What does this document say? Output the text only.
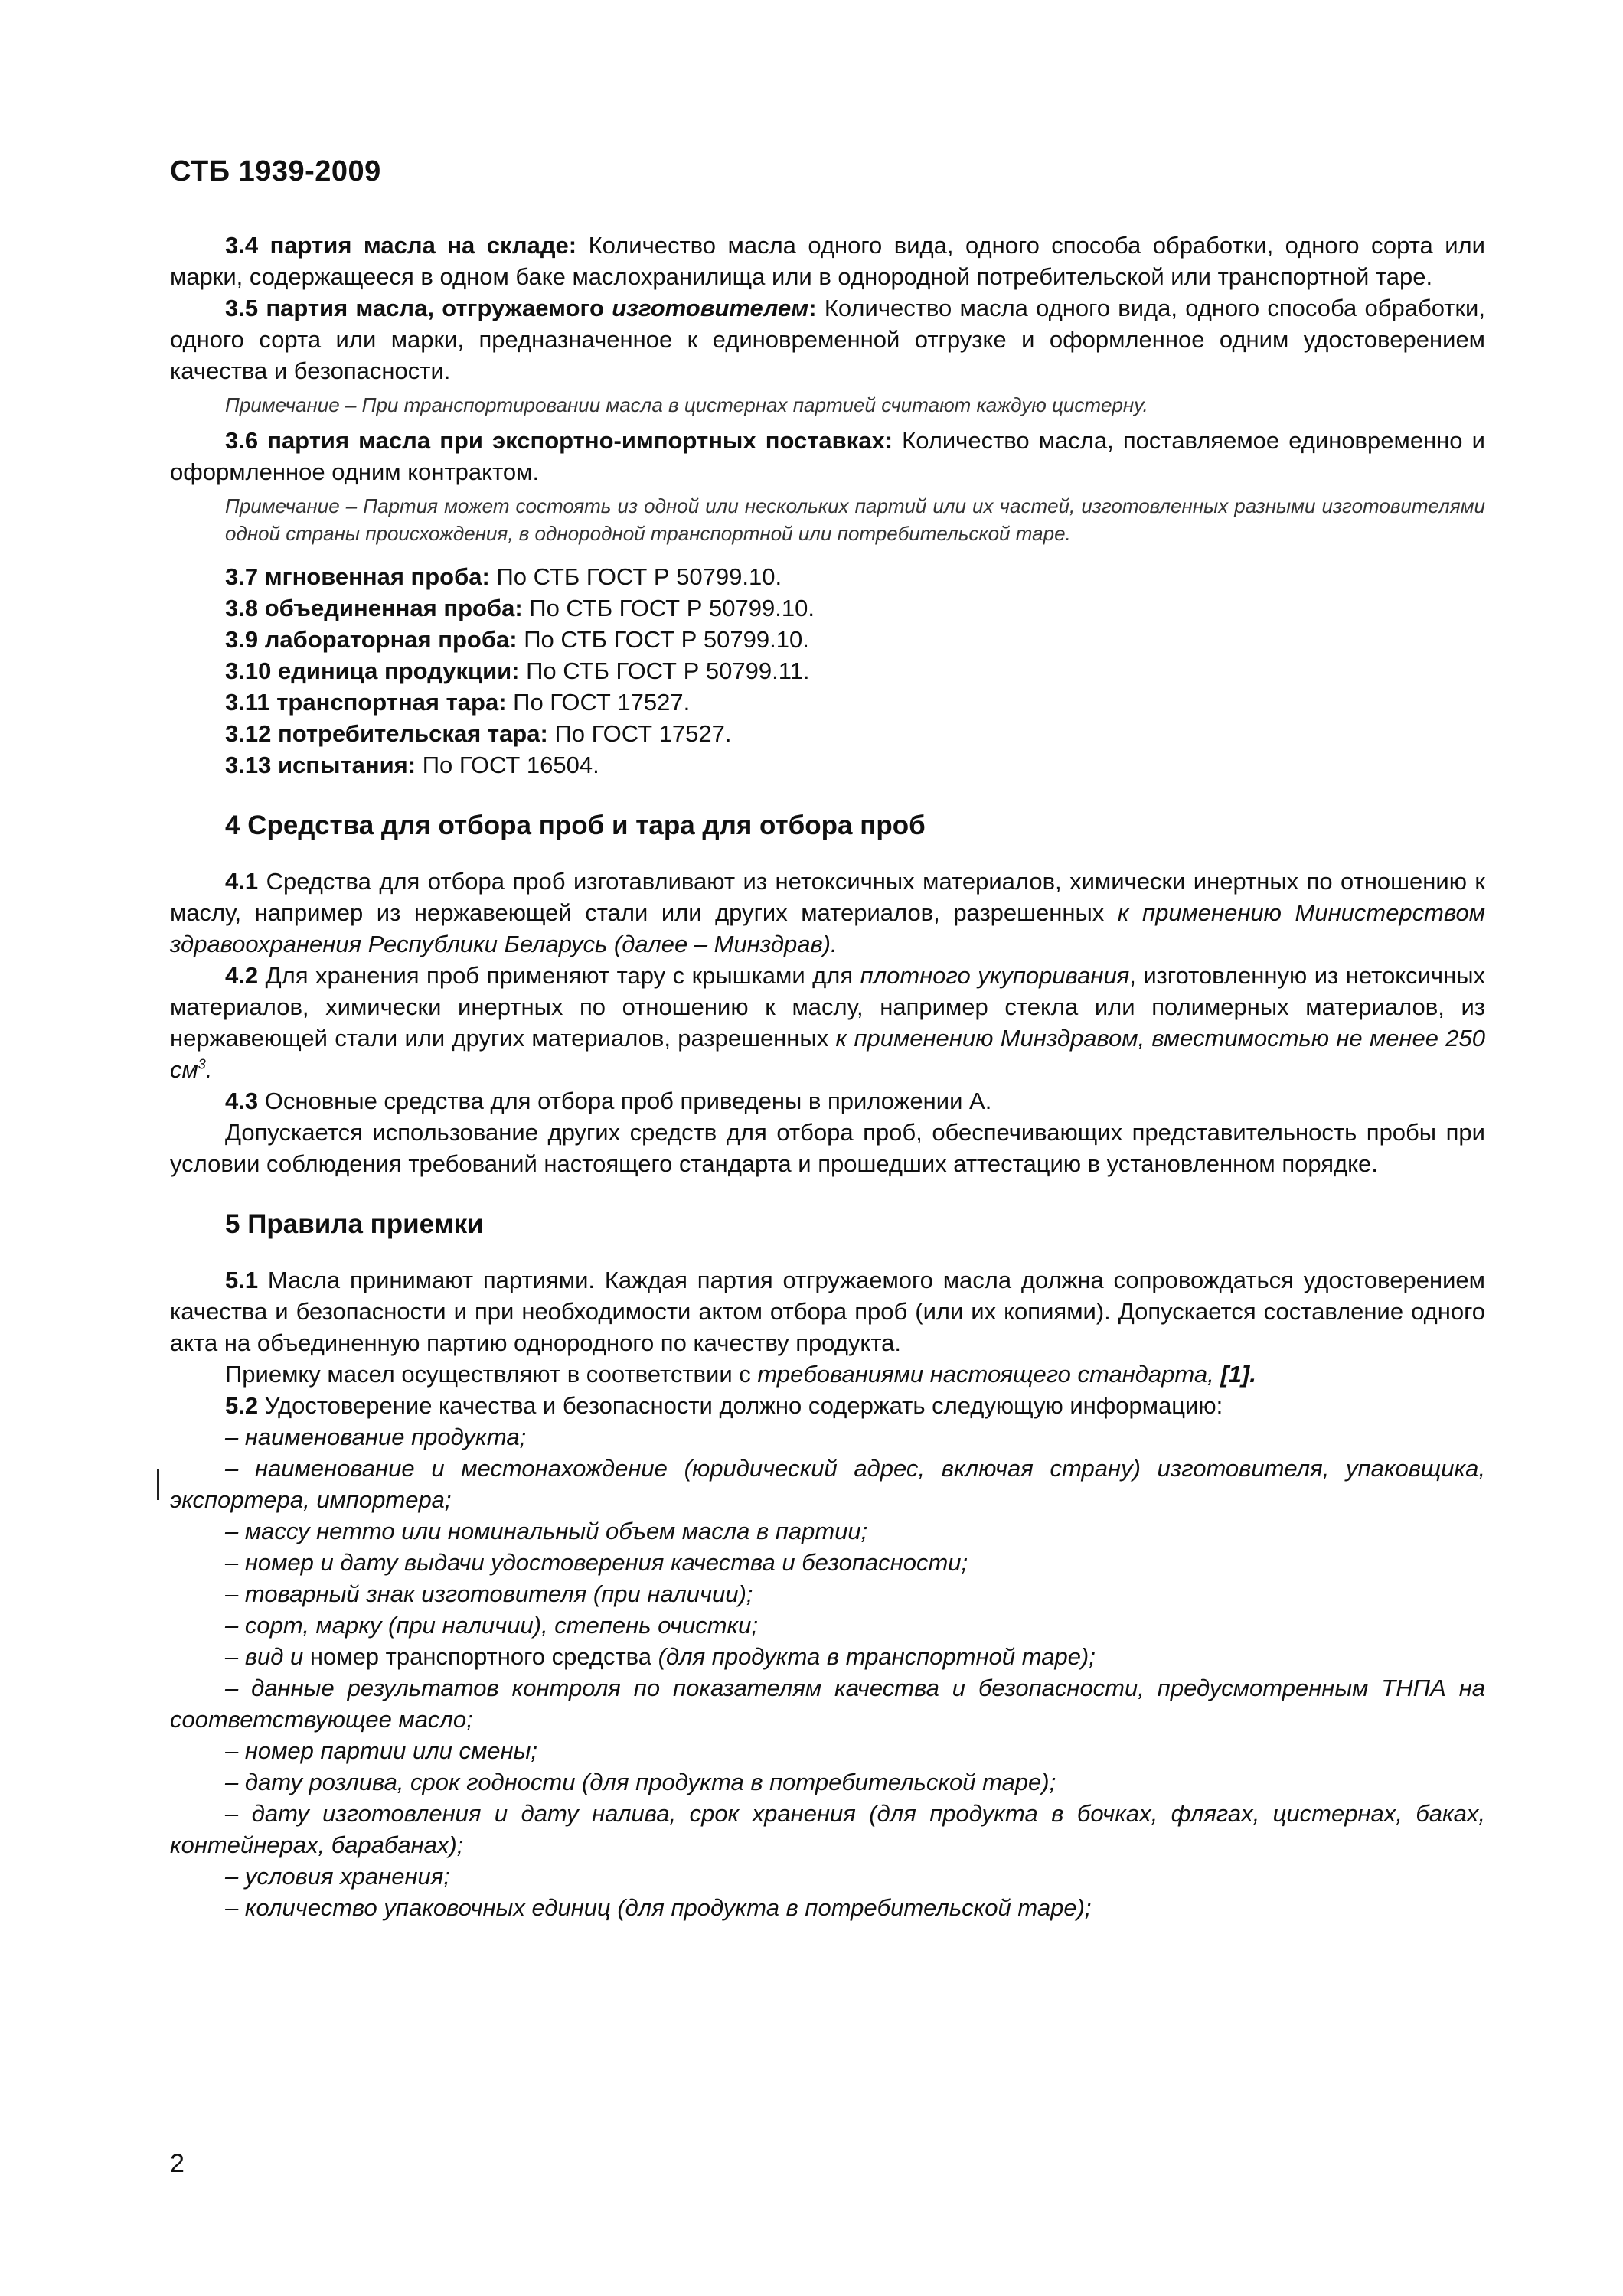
СТБ 1939-2009

3.4 партия масла на складе: Количество масла одного вида, одного способа обработки, одного сорта или марки, содержащееся в одном баке маслохранилища или в однородной потребительской или транспортной таре.

3.5 партия масла, отгружаемого изготовителем: Количество масла одного вида, одного способа обработки, одного сорта или марки, предназначенное к единовременной отгрузке и оформленное одним удостоверением качества и безопасности.

Примечание – При транспортировании масла в цистернах партией считают каждую цистерну.

3.6 партия масла при экспортно-импортных поставках: Количество масла, поставляемое единовременно и оформленное одним контрактом.

Примечание – Партия может состоять из одной или нескольких партий или их частей, изготовленных разными изготовителями одной страны происхождения, в однородной транспортной или потребительской таре.

3.7 мгновенная проба: По СТБ ГОСТ Р 50799.10.

3.8 объединенная проба: По СТБ ГОСТ Р 50799.10.

3.9 лабораторная проба: По СТБ ГОСТ Р 50799.10.

3.10 единица продукции: По СТБ ГОСТ Р 50799.11.

3.11 транспортная тара: По ГОСТ 17527.

3.12 потребительская тара: По ГОСТ 17527.

3.13 испытания: По ГОСТ 16504.

4 Средства для отбора проб и тара для отбора проб

4.1 Средства для отбора проб изготавливают из нетоксичных материалов, химически инертных по отношению к маслу, например из нержавеющей стали или других материалов, разрешенных к применению Министерством здравоохранения Республики Беларусь (далее – Минздрав).

4.2 Для хранения проб применяют тару с крышками для плотного укупоривания, изготовленную из нетоксичных материалов, химически инертных по отношению к маслу, например стекла или полимерных материалов, из нержавеющей стали или других материалов, разрешенных к применению Минздравом, вместимостью не менее 250 $см^3$.

4.3 Основные средства для отбора проб приведены в приложении А.

Допускается использование других средств для отбора проб, обеспечивающих представительность пробы при условии соблюдения требований настоящего стандарта и прошедших аттестацию в установленном порядке.

5 Правила приемки

5.1 Масла принимают партиями. Каждая партия отгружаемого масла должна сопровождаться удостоверением качества и безопасности и при необходимости актом отбора проб (или их копиями). Допускается составление одного акта на объединенную партию однородного по качеству продукта.

Приемку масел осуществляют в соответствии с требованиями настоящего стандарта, [1].

5.2 Удостоверение качества и безопасности должно содержать следующую информацию:

– наименование продукта;

– наименование и местонахождение (юридический адрес, включая страну) изготовителя, упаковщика, экспортера, импортера;

– массу нетто или номинальный объем масла в партии;

– номер и дату выдачи удостоверения качества и безопасности;

– товарный знак изготовителя (при наличии);

– сорт, марку (при наличии), степень очистки;

– вид и номер транспортного средства (для продукта в транспортной таре);

– данные результатов контроля по показателям качества и безопасности, предусмотренным ТНПА на соответствующее масло;

– номер партии или смены;

– дату розлива, срок годности (для продукта в потребительской таре);

– дату изготовления и дату налива, срок хранения (для продукта в бочках, флягах, цистернах, баках, контейнерах, барабанах);

– условия хранения;

– количество упаковочных единиц (для продукта в потребительской таре);

2
